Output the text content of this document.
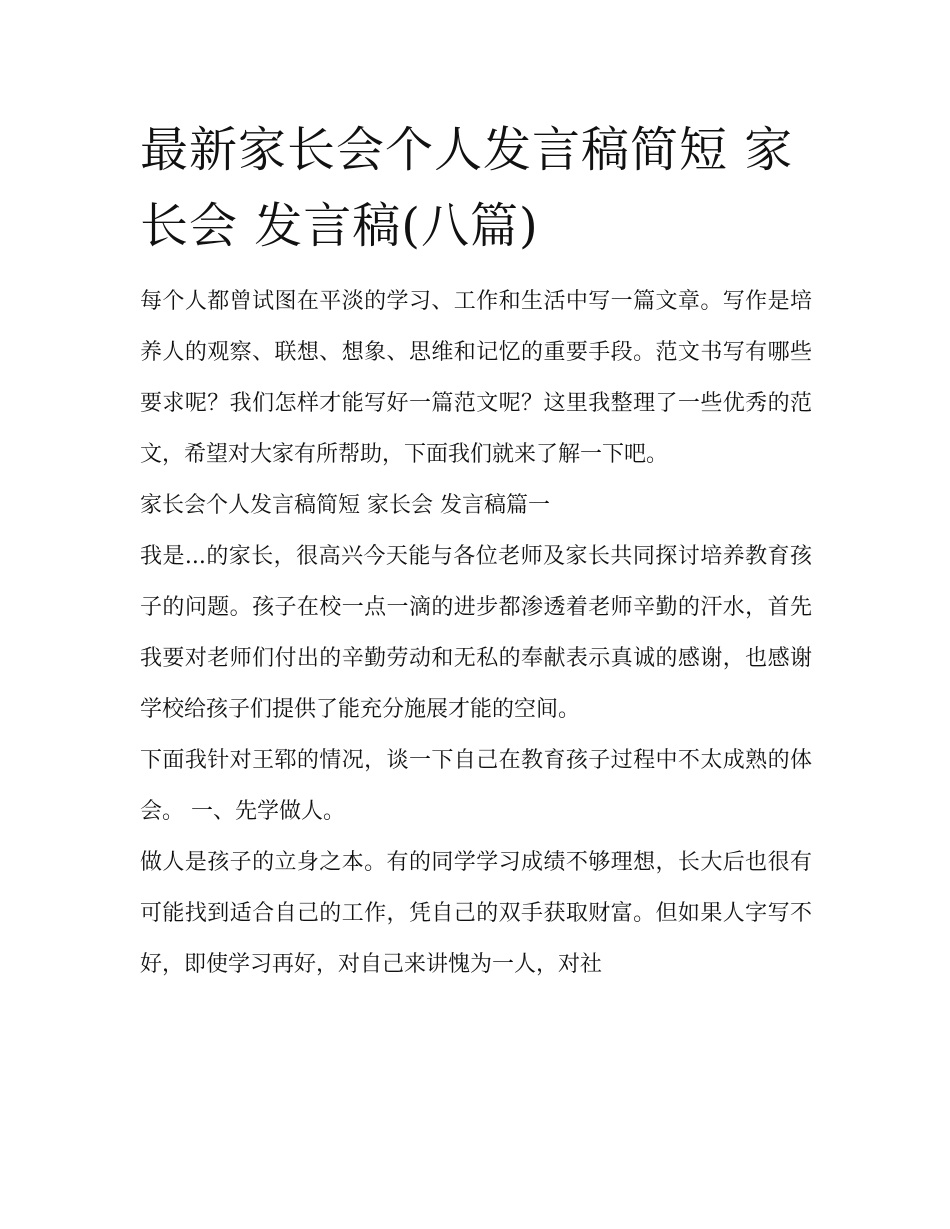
最新家长会个人发言稿简短 家长会 发言稿(八篇)

每个人都曾试图在平淡的学习、工作和生活中写一篇文章。写作是培养人的观察、联想、想象、思维和记忆的重要手段。范文书写有哪些要求呢？我们怎样才能写好一篇范文呢？这里我整理了一些优秀的范文，希望对大家有所帮助，下面我们就来了解一下吧。

家长会个人发言稿简短 家长会 发言稿篇一

我是...的家长，很高兴今天能与各位老师及家长共同探讨培养教育孩子的问题。孩子在校一点一滴的进步都渗透着老师辛勤的汗水，首先我要对老师们付出的辛勤劳动和无私的奉献表示真诚的感谢，也感谢学校给孩子们提供了能充分施展才能的空间。

下面我针对王郓的情况，谈一下自己在教育孩子过程中不太成熟的体会。 一、先学做人。

做人是孩子的立身之本。有的同学学习成绩不够理想，长大后也很有可能找到适合自己的工作，凭自己的双手获取财富。但如果人字写不好，即使学习再好，对自己来讲愧为一人，对社
